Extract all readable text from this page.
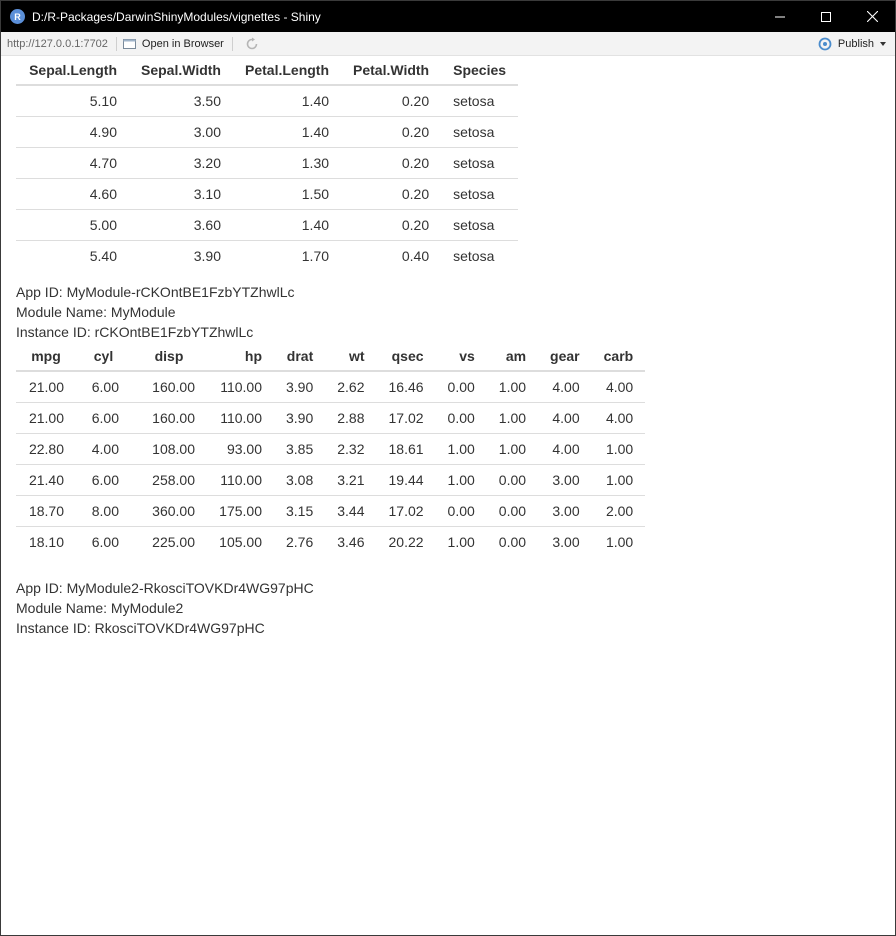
R D:/R-Packages/DarwinShinyModules/vignettes - Shiny
http://127.0.0.1:7702	Open in Browser	Publish
Sepal.Length	Sepal.Width	Petal.Length	Petal.Width	Species
5.10	3.50	1.40	0.20	setosa
4.90	3.00	1.40	0.20	setosa
4.70	3.20	1.30	0.20	setosa
4.60	3.10	1.50	0.20	setosa
5.00	3.60	1.40	0.20	setosa
5.40	3.90	1.70	0.40	setosa
App ID: MyModule-rCKOntBE1FzbYTZhwlLc
Module Name: MyModule
Instance ID: rCKOntBE1FzbYTZhwlLc
mpg	cyl	disp	hp	drat	wt	qsec	vs	am	gear	carb
21.00	6.00	160.00	110.00	3.90	2.62	16.46	0.00	1.00	4.00	4.00
21.00	6.00	160.00	110.00	3.90	2.88	17.02	0.00	1.00	4.00	4.00
22.80	4.00	108.00	93.00	3.85	2.32	18.61	1.00	1.00	4.00	1.00
21.40	6.00	258.00	110.00	3.08	3.21	19.44	1.00	0.00	3.00	1.00
18.70	8.00	360.00	175.00	3.15	3.44	17.02	0.00	0.00	3.00	2.00
18.10	6.00	225.00	105.00	2.76	3.46	20.22	1.00	0.00	3.00	1.00
App ID: MyModule2-RkosciTOVKDr4WG97pHC
Module Name: MyModule2
Instance ID: RkosciTOVKDr4WG97pHC
